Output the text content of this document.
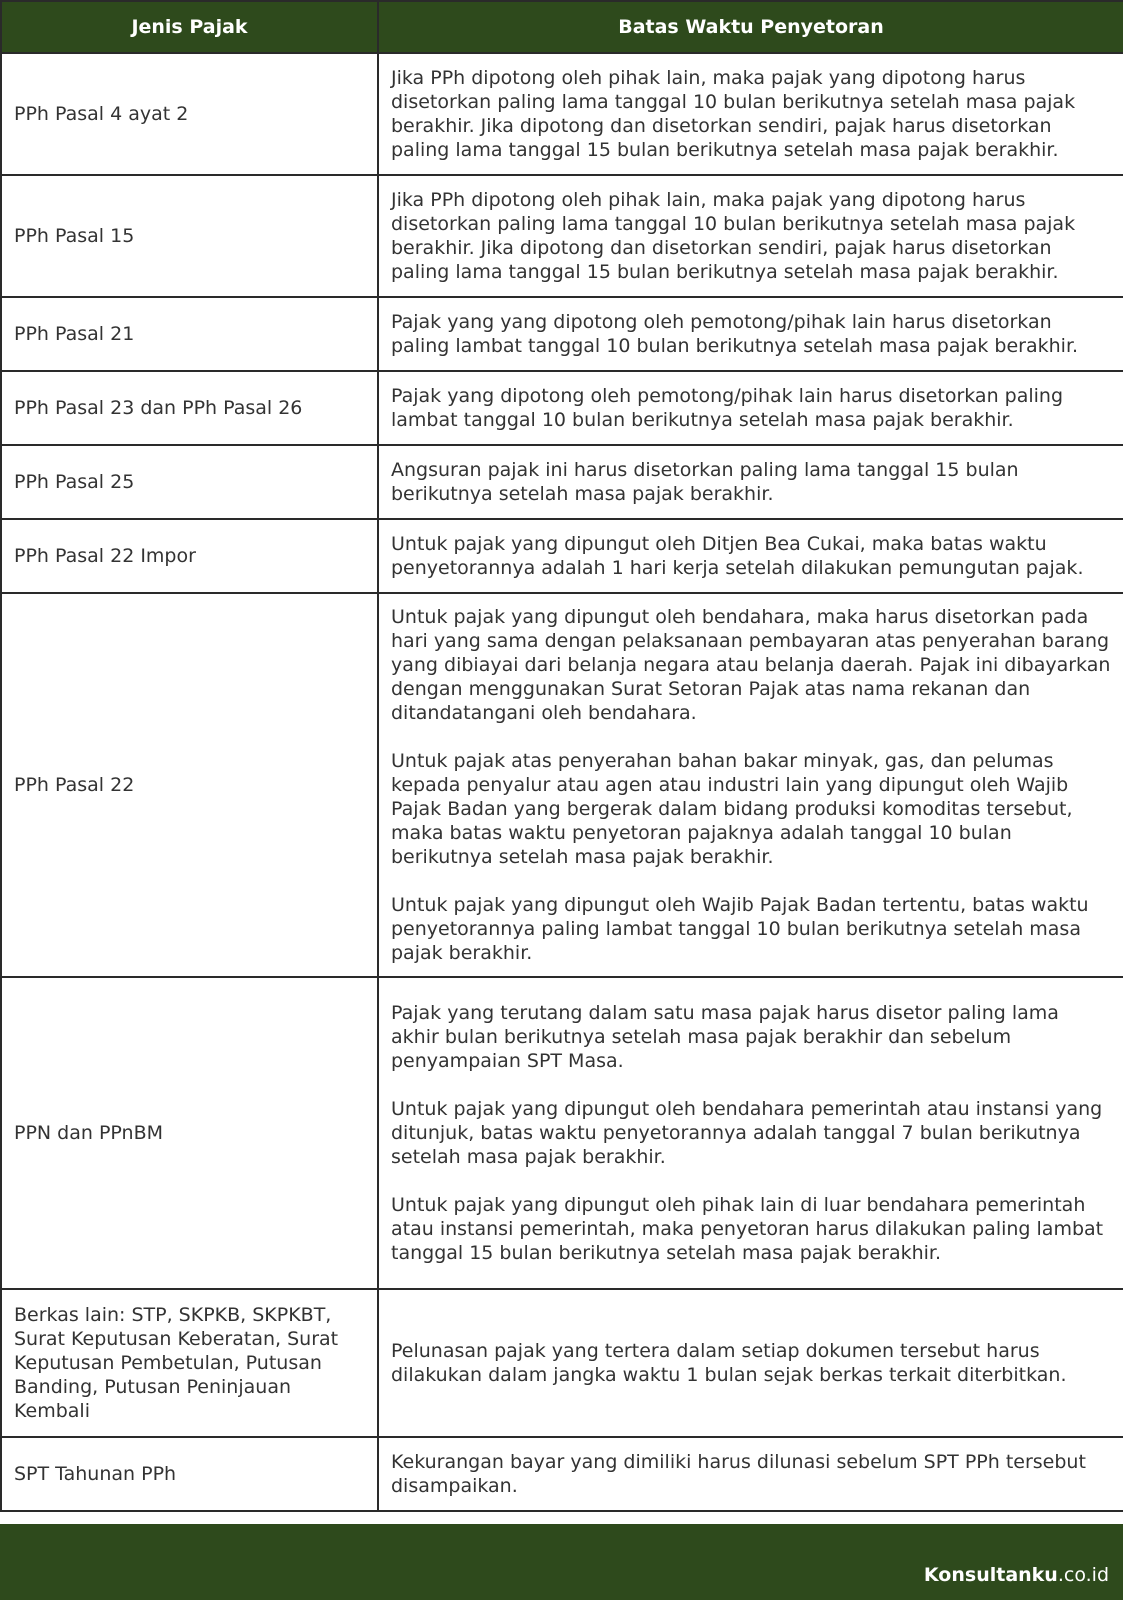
Jenis Pajak	Batas Waktu Penyetoran
PPh Pasal 4 ayat 2	Jika PPh dipotong oleh pihak lain, maka pajak yang dipotong harus disetorkan paling lama tanggal 10 bulan berikutnya setelah masa pajak berakhir. Jika dipotong dan disetorkan sendiri, pajak harus disetorkan paling lama tanggal 15 bulan berikutnya setelah masa pajak berakhir.

PPh Pasal 15	Jika PPh dipotong oleh pihak lain, maka pajak yang dipotong harus disetorkan paling lama tanggal 10 bulan berikutnya setelah masa pajak berakhir. Jika dipotong dan disetorkan sendiri, pajak harus disetorkan paling lama tanggal 15 bulan berikutnya setelah masa pajak berakhir.

PPh Pasal 21	Pajak yang yang dipotong oleh pemotong/pihak lain harus disetorkan paling lambat tanggal 10 bulan berikutnya setelah masa pajak berakhir.

PPh Pasal 23 dan PPh Pasal 26	Pajak yang dipotong oleh pemotong/pihak lain harus disetorkan paling lambat tanggal 10 bulan berikutnya setelah masa pajak berakhir.

PPh Pasal 25	Angsuran pajak ini harus disetorkan paling lama tanggal 15 bulan berikutnya setelah masa pajak berakhir.

PPh Pasal 22 Impor	Untuk pajak yang dipungut oleh Ditjen Bea Cukai, maka batas waktu penyetorannya adalah 1 hari kerja setelah dilakukan pemungutan pajak.

PPh Pasal 22	Untuk pajak yang dipungut oleh bendahara, maka harus disetorkan pada hari yang sama dengan pelaksanaan pembayaran atas penyerahan barang yang dibiayai dari belanja negara atau belanja daerah. Pajak ini dibayarkan dengan menggunakan Surat Setoran Pajak atas nama rekanan dan ditandatangani oleh bendahara.

Untuk pajak atas penyerahan bahan bakar minyak, gas, dan pelumas kepada penyalur atau agen atau industri lain yang dipungut oleh Wajib Pajak Badan yang bergerak dalam bidang produksi komoditas tersebut, maka batas waktu penyetoran pajaknya adalah tanggal 10 bulan berikutnya setelah masa pajak berakhir.

Untuk pajak yang dipungut oleh Wajib Pajak Badan tertentu, batas waktu penyetorannya paling lambat tanggal 10 bulan berikutnya setelah masa pajak berakhir.

PPN dan PPnBM	Pajak yang terutang dalam satu masa pajak harus disetor paling lama akhir bulan berikutnya setelah masa pajak berakhir dan sebelum penyampaian SPT Masa.

Untuk pajak yang dipungut oleh bendahara pemerintah atau instansi yang ditunjuk, batas waktu penyetorannya adalah tanggal 7 bulan berikutnya setelah masa pajak berakhir.

Untuk pajak yang dipungut oleh pihak lain di luar bendahara pemerintah atau instansi pemerintah, maka penyetoran harus dilakukan paling lambat tanggal 15 bulan berikutnya setelah masa pajak berakhir.

Berkas lain: STP, SKPKB, SKPKBT, Surat Keputusan Keberatan, Surat Keputusan Pembetulan, Putusan Banding, Putusan Peninjauan Kembali	Pelunasan pajak yang tertera dalam setiap dokumen tersebut harus dilakukan dalam jangka waktu 1 bulan sejak berkas terkait diterbitkan.

SPT Tahunan PPh	Kekurangan bayar yang dimiliki harus dilunasi sebelum SPT PPh tersebut disampaikan.

Konsultanku.co.id
